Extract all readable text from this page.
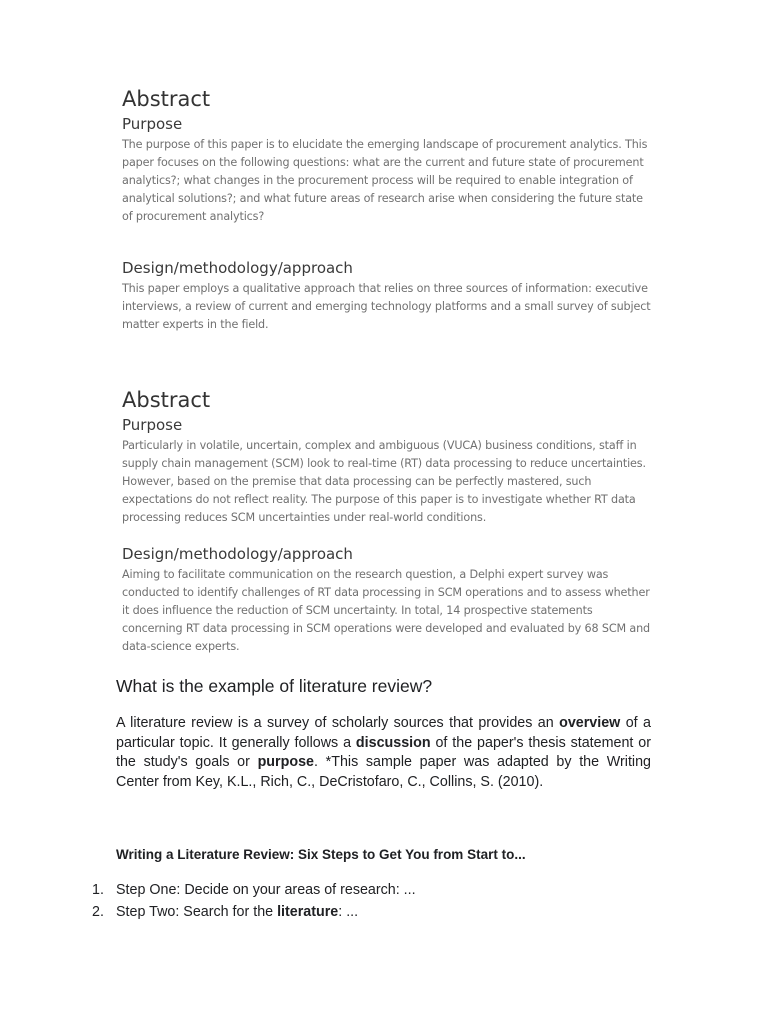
Abstract
Purpose

The purpose of this paper is to elucidate the emerging landscape of procurement analytics. This paper focuses on the following questions: what are the current and future state of procurement analytics?; what changes in the procurement process will be required to enable integration of analytical solutions?; and what future areas of research arise when considering the future state of procurement analytics?

Design/methodology/approach

This paper employs a qualitative approach that relies on three sources of information: executive interviews, a review of current and emerging technology platforms and a small survey of subject matter experts in the field.

Abstract
Purpose

Particularly in volatile, uncertain, complex and ambiguous (VUCA) business conditions, staff in supply chain management (SCM) look to real-time (RT) data processing to reduce uncertainties. However, based on the premise that data processing can be perfectly mastered, such expectations do not reflect reality. The purpose of this paper is to investigate whether RT data processing reduces SCM uncertainties under real-world conditions.

Design/methodology/approach

Aiming to facilitate communication on the research question, a Delphi expert survey was conducted to identify challenges of RT data processing in SCM operations and to assess whether it does influence the reduction of SCM uncertainty. In total, 14 prospective statements concerning RT data processing in SCM operations were developed and evaluated by 68 SCM and data-science experts.

What is the example of literature review?

A literature review is a survey of scholarly sources that provides an overview of a particular topic. It generally follows a discussion of the paper's thesis statement or the study's goals or purpose. *This sample paper was adapted by the Writing Center from Key, K.L., Rich, C., DeCristofaro, C., Collins, S. (2010).

Writing a Literature Review: Six Steps to Get You from Start to...
1. Step One: Decide on your areas of research: ...
2. Step Two: Search for the literature: ...
